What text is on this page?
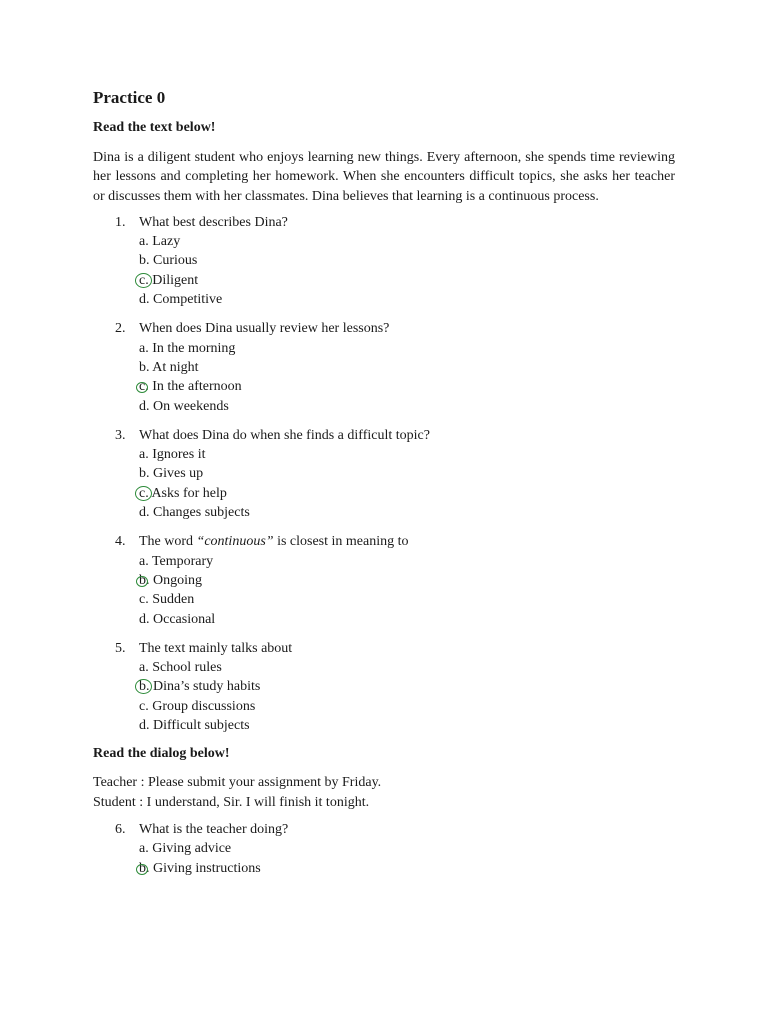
Practice 0

Read the text below!

Dina is a diligent student who enjoys learning new things. Every afternoon, she spends time reviewing her lessons and completing her homework. When she encounters difficult topics, she asks her teacher or discusses them with her classmates. Dina believes that learning is a continuous process.

1. What best describes Dina?
a. Lazy
b. Curious
c. Diligent
d. Competitive
2. When does Dina usually review her lessons?
a. In the morning
b. At night
c. In the afternoon
d. On weekends
3. What does Dina do when she finds a difficult topic?
a. Ignores it
b. Gives up
c. Asks for help
d. Changes subjects
4. The word “continuous” is closest in meaning to
a. Temporary
b. Ongoing
c. Sudden
d. Occasional
5. The text mainly talks about
a. School rules
b. Dina’s study habits
c. Group discussions
d. Difficult subjects

Read the dialog below!

Teacher : Please submit your assignment by Friday.
Student : I understand, Sir. I will finish it tonight.
6. What is the teacher doing?
a. Giving advice
b. Giving instructions
